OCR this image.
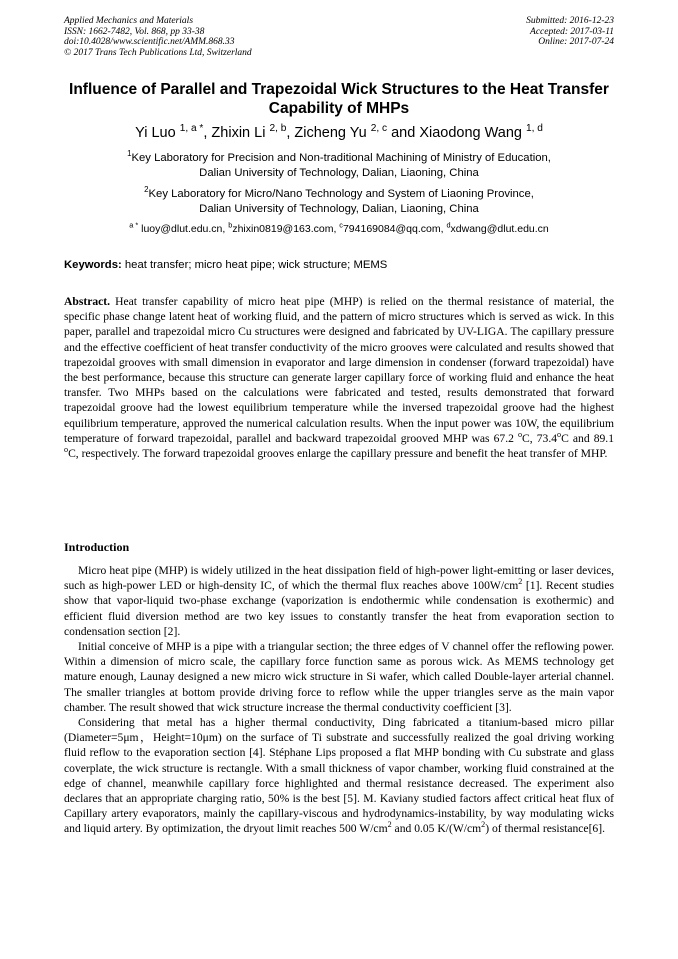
Applied Mechanics and Materials
ISSN: 1662-7482, Vol. 868, pp 33-38
doi:10.4028/www.scientific.net/AMM.868.33
© 2017 Trans Tech Publications Ltd, Switzerland
Submitted: 2016-12-23
Accepted: 2017-03-11
Online: 2017-07-24
Influence of Parallel and Trapezoidal Wick Structures to the Heat Transfer Capability of MHPs
Yi Luo $^{1, a *}$, Zhixin Li $^{2, b}$, Zicheng Yu $^{2, c}$ and Xiaodong Wang $^{1, d}$
$^1$Key Laboratory for Precision and Non-traditional Machining of Ministry of Education,
Dalian University of Technology, Dalian, Liaoning, China
$^2$Key Laboratory for Micro/Nano Technology and System of Liaoning Province,
Dalian University of Technology, Dalian, Liaoning, China
$^{a *}$ luoy@dlut.edu.cn, $^b$zhixin0819@163.com, $^c$794169084@qq.com, $^d$xdwang@dlut.edu.cn
Keywords: heat transfer; micro heat pipe; wick structure; MEMS
Abstract. Heat transfer capability of micro heat pipe (MHP) is relied on the thermal resistance of material, the specific phase change latent heat of working fluid, and the pattern of micro structures which is served as wick. In this paper, parallel and trapezoidal micro Cu structures were designed and fabricated by UV-LIGA. The capillary pressure and the effective coefficient of heat transfer conductivity of the micro grooves were calculated and results showed that trapezoidal grooves with small dimension in evaporator and large dimension in condenser (forward trapezoidal) have the best performance, because this structure can generate larger capillary force of working fluid and enhance the heat transfer. Two MHPs based on the calculations were fabricated and tested, results demonstrated that forward trapezoidal groove had the lowest equilibrium temperature while the inversed trapezoidal groove had the highest equilibrium temperature, approved the numerical calculation results. When the input power was 10W, the equilibrium temperature of forward trapezoidal, parallel and backward trapezoidal grooved MHP was 67.2 $^o$C, 73.4$^o$C and 89.1 $^o$C, respectively. The forward trapezoidal grooves enlarge the capillary pressure and benefit the heat transfer of MHP.
Introduction

Micro heat pipe (MHP) is widely utilized in the heat dissipation field of high-power light-emitting or laser devices, such as high-power LED or high-density IC, of which the thermal flux reaches above $100W/cm^2$ [1]. Recent studies show that vapor-liquid two-phase exchange (vaporization is endothermic while condensation is exothermic) and efficient fluid diversion method are two key issues to constantly transfer the heat from evaporation section to condensation section [2].

Initial conceive of MHP is a pipe with a triangular section; the three edges of V channel offer the reflowing power. Within a dimension of micro scale, the capillary force function same as porous wick. As MEMS technology get mature enough, Launay designed a new micro wick structure in Si wafer, which called Double-layer arterial channel. The smaller triangles at bottom provide driving force to reflow while the upper triangles serve as the main vapor chamber. The result showed that wick structure increase the thermal conductivity coefficient [3].

Considering that metal has a higher thermal conductivity, Ding fabricated a titanium-based micro pillar (Diameter=5μm，Height=10μm) on the surface of Ti substrate and successfully realized the goal driving working fluid reflow to the evaporation section [4]. Stéphane Lips proposed a flat MHP bonding with Cu substrate and glass coverplate, the wick structure is rectangle. With a small thickness of vapor chamber, working fluid constrained at the edge of channel, meanwhile capillary force highlighted and thermal resistance decreased. The experiment also declares that an appropriate charging ratio, 50% is the best [5]. M. Kaviany studied factors affect critical heat flux of Capillary artery evaporators, mainly the capillary-viscous and hydrodynamics-instability, by way modulating wicks and liquid artery. By optimization, the dryout limit reaches 500 $W/cm^2$ and 0.05 $K/(W/cm^2)$ of thermal resistance[6].
